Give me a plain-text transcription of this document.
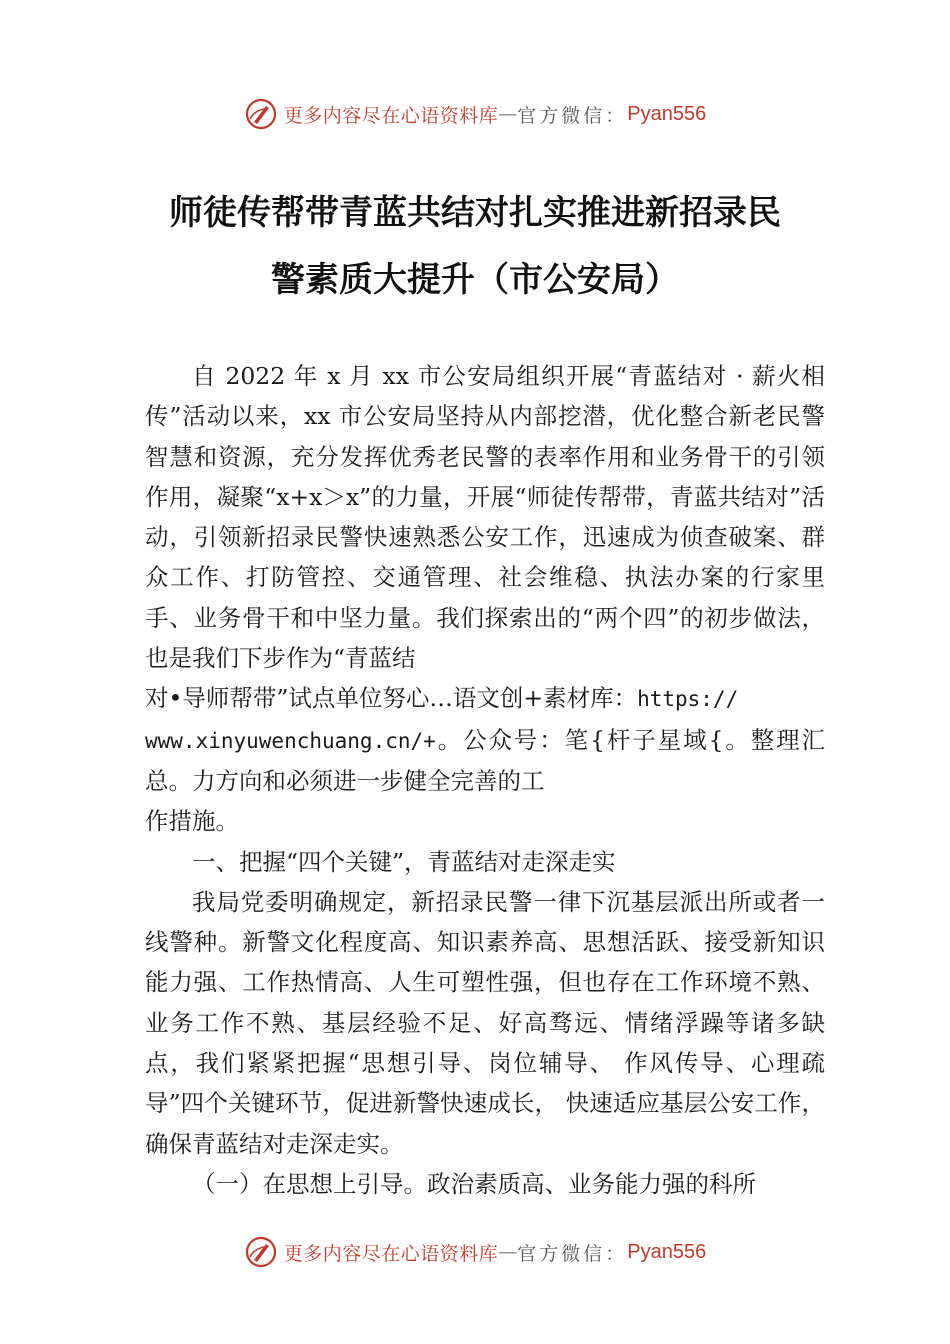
更多内容尽在心语资料库 — 官方微信： Pyan556
师徒传帮带青蓝共结对扎实推进新招录民
警素质大提升（市公安局）

自 2022 年 x 月 xx 市公安局组织开展“青蓝结对 · 薪火相传”活动以来，xx 市公安局坚持从内部挖潜，优化整合新老民警智慧和资源，充分发挥优秀老民警的表率作用和业务骨干的引领作用，凝聚“x+x＞x”的力量，开展“师徒传帮带，青蓝共结对”活动，引领新招录民警快速熟悉公安工作，迅速成为侦查破案、群众工作、打防管控、交通管理、社会维稳、执法办案的行家里手、业务骨干和中坚力量。我们探索出的“两个四”的初步做法，也是我们下步作为“青蓝结
对•导师帮带”试点单位努心…语文创+素材库：https://
www.xinyuwenchuang.cn/+。公众号：笔{杆子星域{。整理汇总。力方向和必须进一步健全完善的工

作措施。

一、把握“四个关键”，青蓝结对走深走实

我局党委明确规定，新招录民警一律下沉基层派出所或者一线警种。新警文化程度高、知识素养高、思想活跃、接受新知识能力强、工作热情高、人生可塑性强，但也存在工作环境不熟、业务工作不熟、基层经验不足、好高骛远、情绪浮躁等诸多缺点，我们紧紧把握“思想引导、岗位辅导、 作风传导、心理疏导”四个关键环节，促进新警快速成长， 快速适应基层公安工作，确保青蓝结对走深走实。

（一）在思想上引导。政治素质高、业务能力强的科所

更多内容尽在心语资料库 — 官方微信： Pyan556
